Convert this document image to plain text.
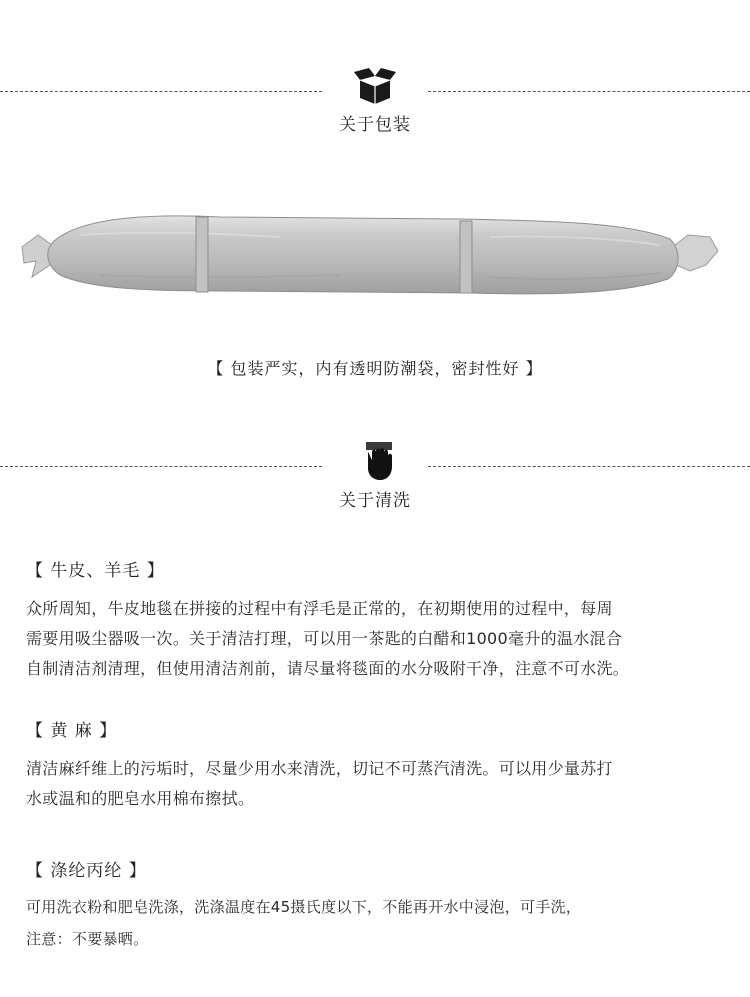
关于包装
【 包装严实，内有透明防潮袋，密封性好 】
关于清洗
【 牛皮、羊毛 】
众所周知，牛皮地毯在拼接的过程中有浮毛是正常的，在初期使用的过程中，每周
需要用吸尘器吸一次。关于清洁打理，可以用一茶匙的白醋和1000毫升的温水混合
自制清洁剂清理，但使用清洁剂前，请尽量将毯面的水分吸附干净，注意不可水洗。
【 黄 麻 】
清洁麻纤维上的污垢时，尽量少用水来清洗，切记不可蒸汽清洗。可以用少量苏打
水或温和的肥皂水用棉布擦拭。
【 涤纶丙纶 】
可用洗衣粉和肥皂洗涤，洗涤温度在45摄氏度以下，不能再开水中浸泡，可手洗，
注意：不要暴晒。
